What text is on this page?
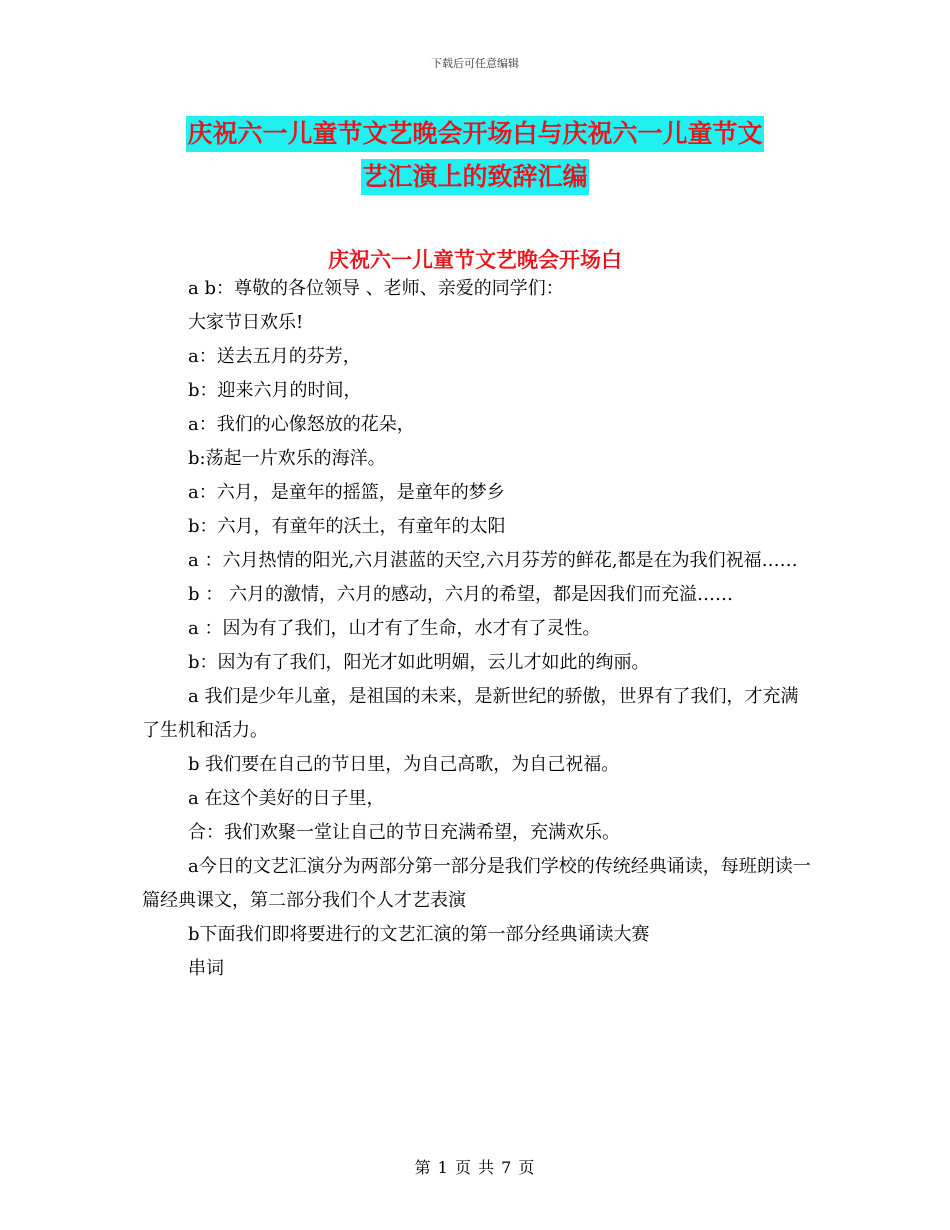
下载后可任意编辑
庆祝六一儿童节文艺晚会开场白与庆祝六一儿童节文
艺汇演上的致辞汇编
庆祝六一儿童节文艺晚会开场白

a b：尊敬的各位领导 、老师、亲爱的同学们：

大家节日欢乐!

a：送去五月的芬芳，

b：迎来六月的时间，

a：我们的心像怒放的花朵，

b:荡起一片欢乐的海洋。

a：六月，是童年的摇篮，是童年的梦乡

b：六月，有童年的沃土，有童年的太阳

a ：六月热情的阳光,六月湛蓝的天空,六月芬芳的鲜花,都是在为我们祝福……

b ： 六月的激情，六月的感动，六月的希望，都是因我们而充溢……

a ：因为有了我们，山才有了生命，水才有了灵性。

b：因为有了我们，阳光才如此明媚，云儿才如此的绚丽。

a 我们是少年儿童，是祖国的未来，是新世纪的骄傲，世界有了我们，才充满了生机和活力。

b 我们要在自己的节日里，为自己高歌，为自己祝福。

a 在这个美好的日子里，

合：我们欢聚一堂让自己的节日充满希望，充满欢乐。

a今日的文艺汇演分为两部分第一部分是我们学校的传统经典诵读，每班朗读一篇经典课文，第二部分我们个人才艺表演

b下面我们即将要进行的文艺汇演的第一部分经典诵读大赛

串词

第 1 页 共 7 页
